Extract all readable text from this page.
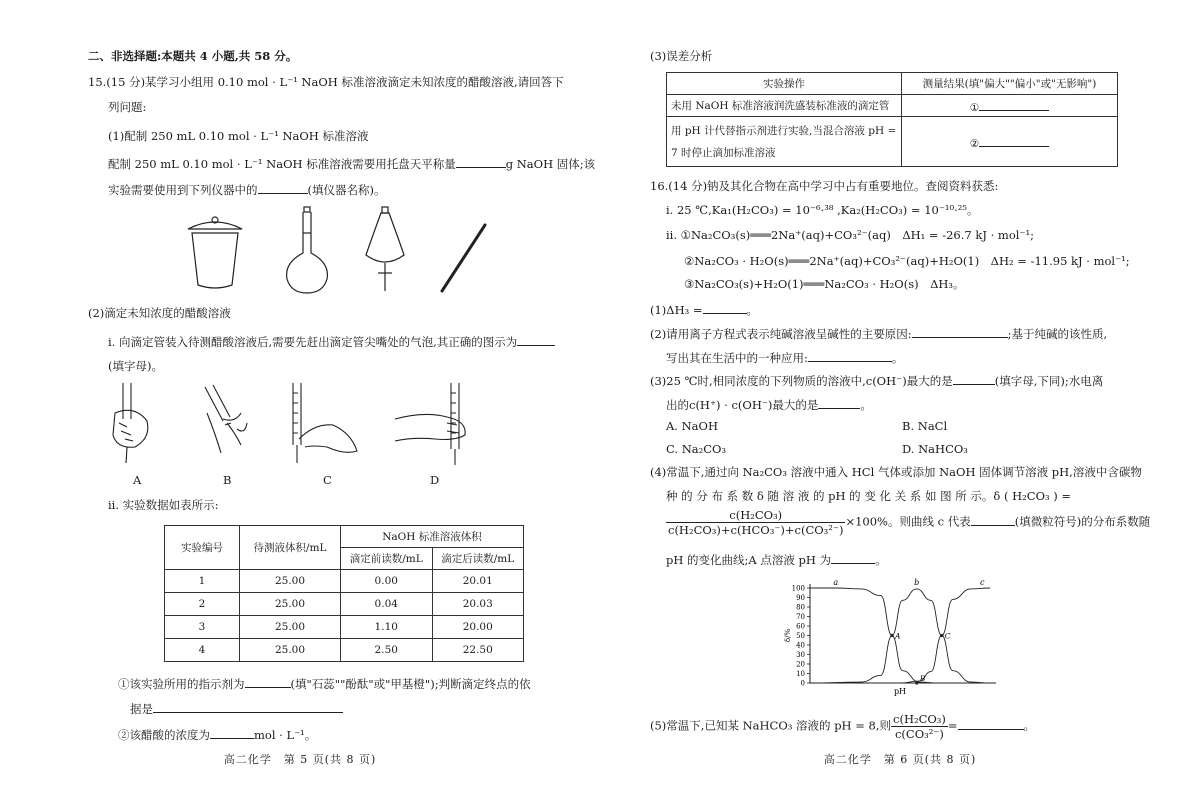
二、非选择题:本题共 4 小题,共 58 分。
15.(15 分)某学习小组用 0.10 mol · L⁻¹ NaOH 标准溶液滴定未知浓度的醋酸溶液,请回答下
列问题:
(1)配制 250 mL 0.10 mol · L⁻¹ NaOH 标准溶液
配制 250 mL 0.10 mol · L⁻¹ NaOH 标准溶液需要用托盘天平称量	g NaOH 固体;该
实验需要使用到下列仪器中的	(填仪器名称)。
(2)滴定未知浓度的醋酸溶液
i. 向滴定管装入待测醋酸溶液后,需要先赶出滴定管尖嘴处的气泡,其正确的图示为
(填字母)。
A	B	C	D
ii. 实验数据如表所示:
实验编号	待测液体积/mL	NaOH 标准溶液体积	
		滴定前读数/mL	滴定后读数/mL
1	25.00	0.00	20.01
2	25.00	0.04	20.03
3	25.00	1.10	20.00
4	25.00	2.50	22.50
①该实验所用的指示剂为	(填"石蕊""酚酞"或"甲基橙");判断滴定终点的依
据是
②该醋酸的浓度为	mol · L⁻¹。
高二化学　第 5 页(共 8 页)
(3)误差分析
实验操作	测量结果(填"偏大""偏小"或"无影响")
未用 NaOH 标准溶液润洗盛装标准液的滴定管	①
用 pH 计代替指示剂进行实验,当混合溶液 pH =
7 时停止滴加标准溶液	②
16.(14 分)钠及其化合物在高中学习中占有重要地位。查阅资料获悉:
i. 25 ℃,Ka₁(H₂CO₃) = 10⁻⁶·³⁸ ,Ka₂(H₂CO₃) = 10⁻¹⁰·²⁵。
ii. ①Na₂CO₃(s)═══2Na⁺(aq)+CO₃²⁻(aq)　ΔH₁ = -26.7 kJ · mol⁻¹;
②Na₂CO₃ · H₂O(s)═══2Na⁺(aq)+CO₃²⁻(aq)+H₂O(1)　ΔH₂ = -11.95 kJ · mol⁻¹;
③Na₂CO₃(s)+H₂O(1)═══Na₂CO₃ · H₂O(s)　ΔH₃。
(1)ΔH₃ =	。
(2)请用离子方程式表示纯碱溶液呈碱性的主要原因:	;基于纯碱的该性质,
写出其在生活中的一种应用:	。
(3)25 ℃时,相同浓度的下列物质的溶液中,c(OH⁻)最大的是	(填字母,下同);水电离
出的c(H⁺) · c(OH⁻)最大的是	。
A. NaOH	B. NaCl
C. Na₂CO₃	D. NaHCO₃
(4)常温下,通过向 Na₂CO₃ 溶液中通入 HCl 气体或添加 NaOH 固体调节溶液 pH,溶液中含碳物
种 的 分 布 系 数 δ 随 溶 液 的 pH 的 变 化 关 系 如 图 所 示。δ ( H₂CO₃ ) =
$\frac{\text{c(H₂CO₃)}}{\text{c(H₂CO₃)+c(HCO₃⁻)+c(CO₃²⁻)}} \times 100\%$。则曲线 c 代表	(填微粒符号)的分布系数随
pH 的变化曲线;A 点溶液 pH 为	。
0
10
20
30
40
50
60
70
80
90
100
δ/%
pH
a	b	c
A	C
B
(5)常温下,已知某 NaHCO₃ 溶液的 pH = 8,则 $\frac{\text{c(H₂CO₃)}}{\text{c(CO₃²⁻)}}$ =	。
高二化学　第 6 页(共 8 页)
